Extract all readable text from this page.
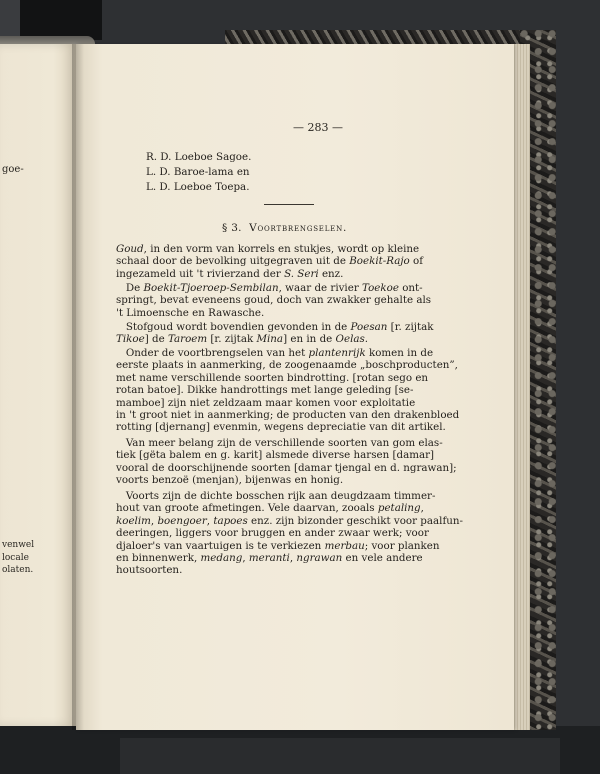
goe-
venwel
locale
olaten.
— 283 —
R. D. Loeboe Sagoe.
L. D. Baroe-lama en
L. D. Loeboe Toepa.
§ 3. Voortbrengselen.
Goud, in den vorm van korrels en stukjes, wordt op kleine
schaal door de bevolking uitgegraven uit de Boekit-Rajo of
ingezameld uit 't rivierzand der S. Seri enz.
De Boekit-Tjoeroep-Sembilan, waar de rivier Toekoe ont-
springt, bevat eveneens goud, doch van zwakker gehalte als
't Limoensche en Rawasche.
Stofgoud wordt bovendien gevonden in de Poesan [r. zijtak
Tikoe] de Taroem [r. zijtak Mina] en in de Oelas.
Onder de voortbrengselen van het plantenrijk komen in de
eerste plaats in aanmerking, de zoogenaamde „boschproducten”,
met name verschillende soorten bindrotting. [rotan sego en
rotan batoe]. Dikke handrottings met lange geleding [se-
mamboe] zijn niet zeldzaam maar komen voor exploitatie
in 't groot niet in aanmerking; de producten van den drakenbloed
rotting [djernang] evenmin, wegens depreciatie van dit artikel.
Van meer belang zijn de verschillende soorten van gom elas-
tiek [gëta balem en g. karit] alsmede diverse harsen [damar]
vooral de doorschijnende soorten [damar tjengal en d. ngrawan];
voorts benzoë (menjan), bijenwas en honig.
Voorts zijn de dichte bosschen rijk aan deugdzaam timmer-
hout van groote afmetingen. Vele daarvan, zooals petaling
koelim, boengoer, tapoes enz. zijn bizonder geschikt voor paalfun-
deeringen, liggers voor bruggen en ander zwaar werk; voor
djaloer's van vaartuigen is te verkiezen merbau; voor planken
en binnenwerk, medang, meranti, ngrawan en vele andere
houtsoorten.
